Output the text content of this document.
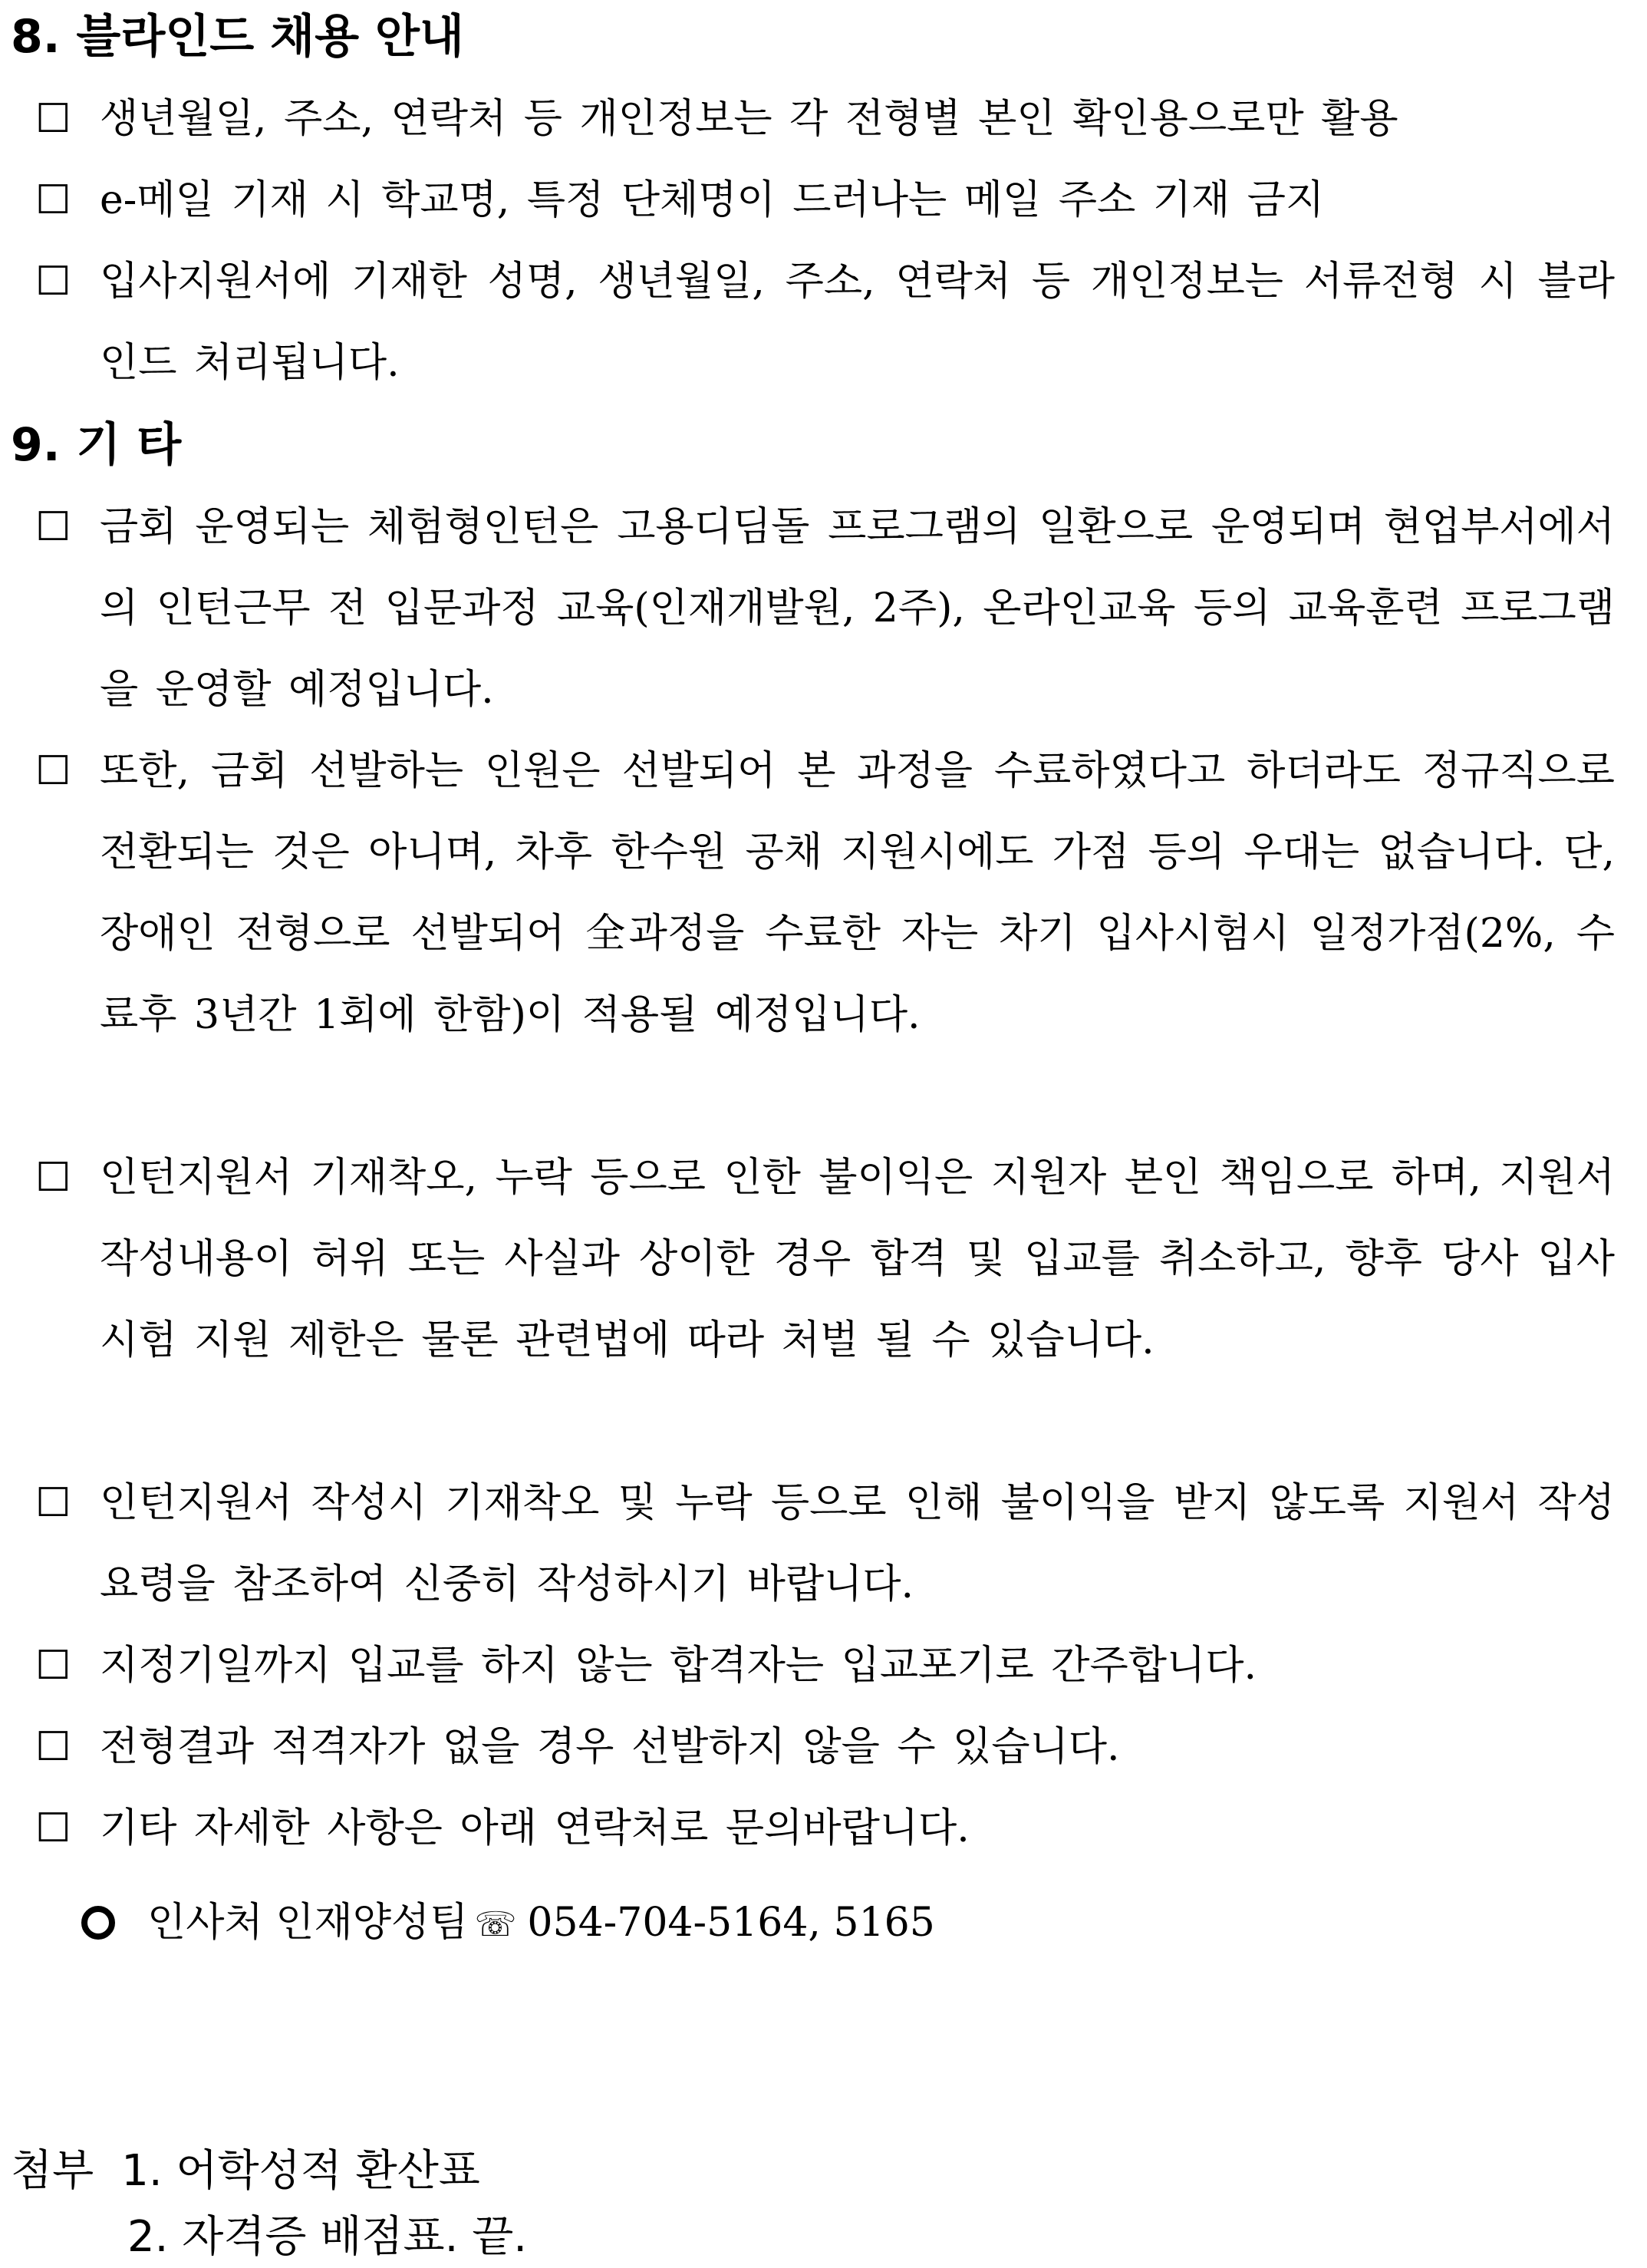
8. 블라인드 채용 안내
☐ 생년월일, 주소, 연락처 등 개인정보는 각 전형별 본인 확인용으로만 활용

☐ e-메일 기재 시 학교명, 특정 단체명이 드러나는 메일 주소 기재 금지

☐ 입사지원서에 기재한 성명, 생년월일, 주소, 연락처 등 개인정보는 서류전형 시 블라인드 처리됩니다.

9. 기 타
☐ 금회 운영되는 체험형인턴은 고용디딤돌 프로그램의 일환으로 운영되며 현업부서에서의 인턴근무 전 입문과정 교육(인재개발원, 2주), 온라인교육 등의 교육훈련 프로그램을 운영할 예정입니다.

☐ 또한, 금회 선발하는 인원은 선발되어 본 과정을 수료하였다고 하더라도 정규직으로 전환되는 것은 아니며, 차후 한수원 공채 지원시에도 가점 등의 우대는 없습니다. 단, 장애인 전형으로 선발되어 全과정을 수료한 자는 차기 입사시험시 일정가점(2%, 수료후 3년간 1회에 한함)이 적용될 예정입니다.

☐ 인턴지원서 기재착오, 누락 등으로 인한 불이익은 지원자 본인 책임으로 하며, 지원서 작성내용이 허위 또는 사실과 상이한 경우 합격 및 입교를 취소하고, 향후 당사 입사시험 지원 제한은 물론 관련법에 따라 처벌 될 수 있습니다.

☐ 인턴지원서 작성시 기재착오 및 누락 등으로 인해 불이익을 받지 않도록 지원서 작성요령을 참조하여 신중히 작성하시기 바랍니다.

☐ 지정기일까지 입교를 하지 않는 합격자는 입교포기로 간주합니다.

☐ 전형결과 적격자가 없을 경우 선발하지 않을 수 있습니다.

☐ 기타 자세한 사항은 아래 연락처로 문의바랍니다.

인사처 인재양성팀 ☏ 054-704-5164, 5165
첨부 1. 어학성적 환산표
2. 자격증 배점표. 끝.
